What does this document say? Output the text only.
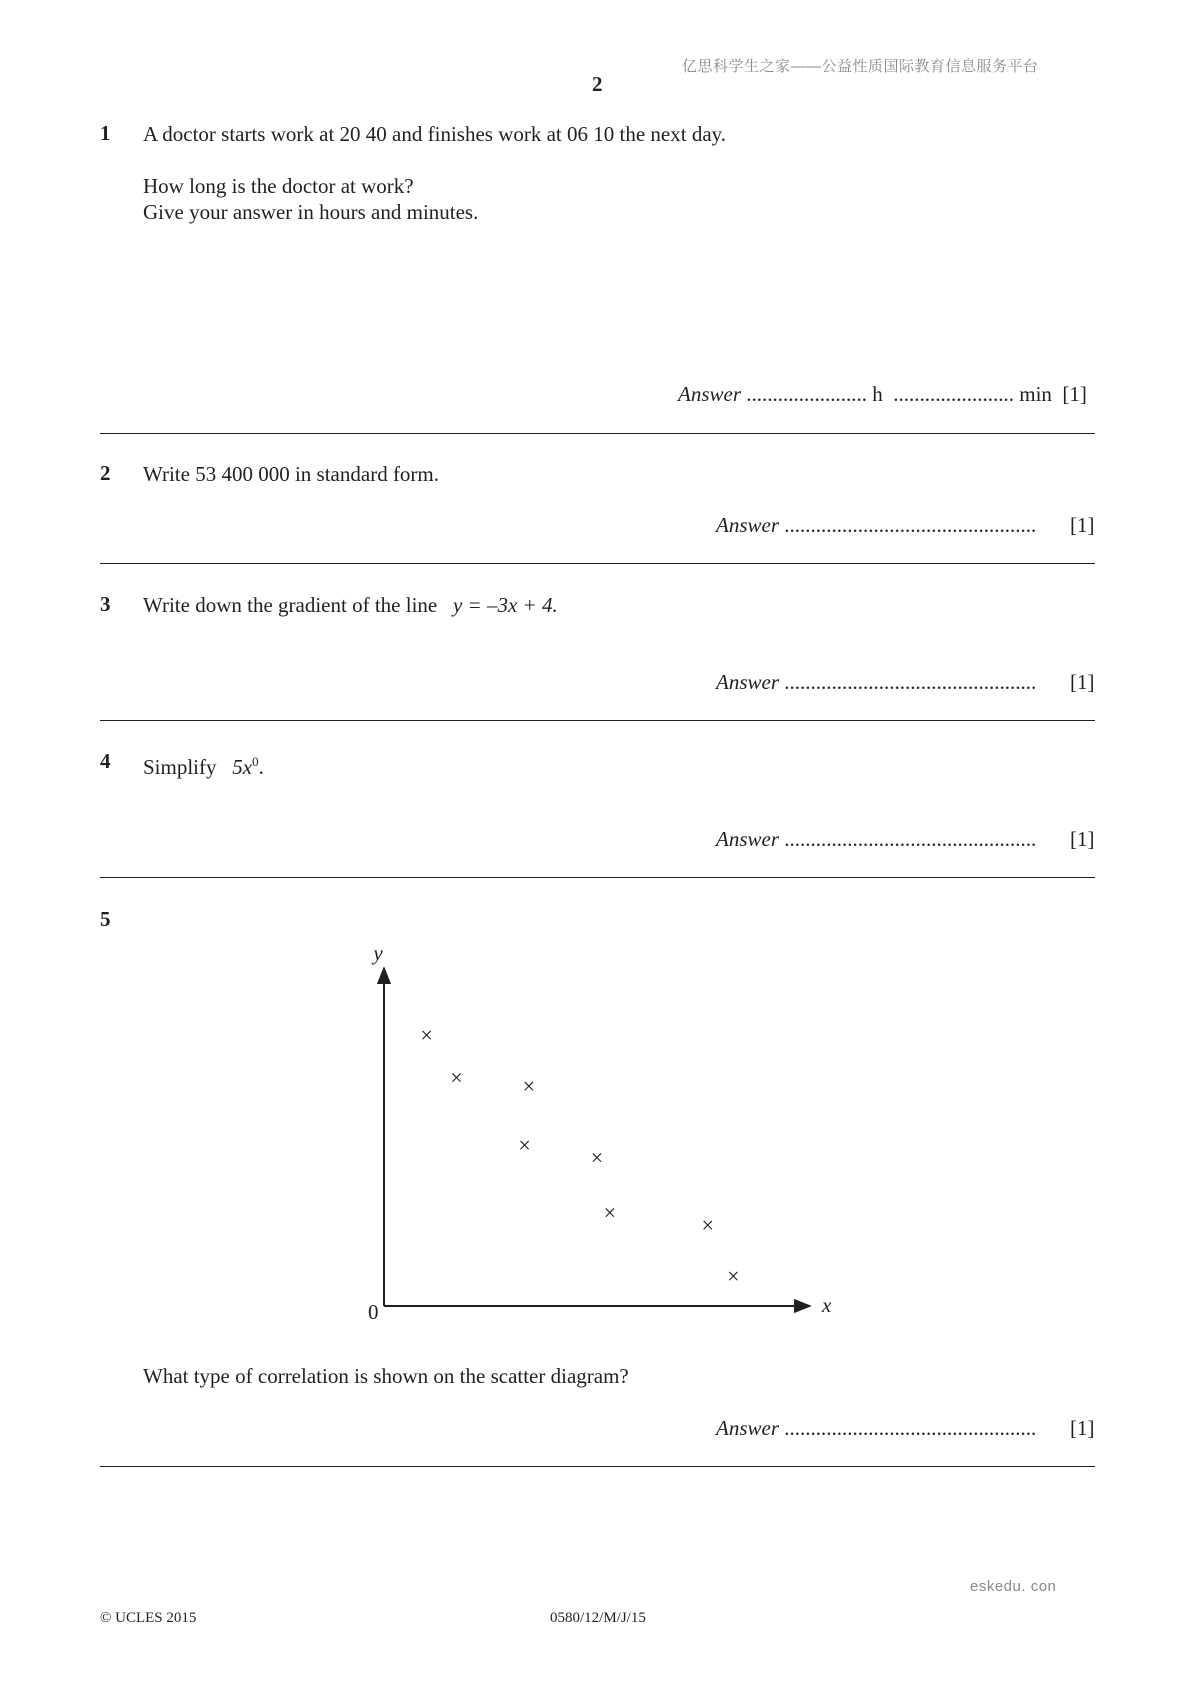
亿思科学生之家——公益性质国际教育信息服务平台
2
1 A doctor starts work at 20 40 and finishes work at 06 10 the next day.
How long is the doctor at work?
Give your answer in hours and minutes.
Answer ....................... h ....................... min [1]
2 Write 53 400 000 in standard form.
Answer ................................................ [1]
3 Write down the gradient of the line y = –3x + 4.
Answer ................................................ [1]
4 Simplify $5x^0$.
Answer ................................................ [1]
5
y
x
0
×
×	×
×
×
×
×
×
What type of correlation is shown on the scatter diagram?
Answer ................................................ [1]
eskedu. con
© UCLES 2015	0580/12/M/J/15
